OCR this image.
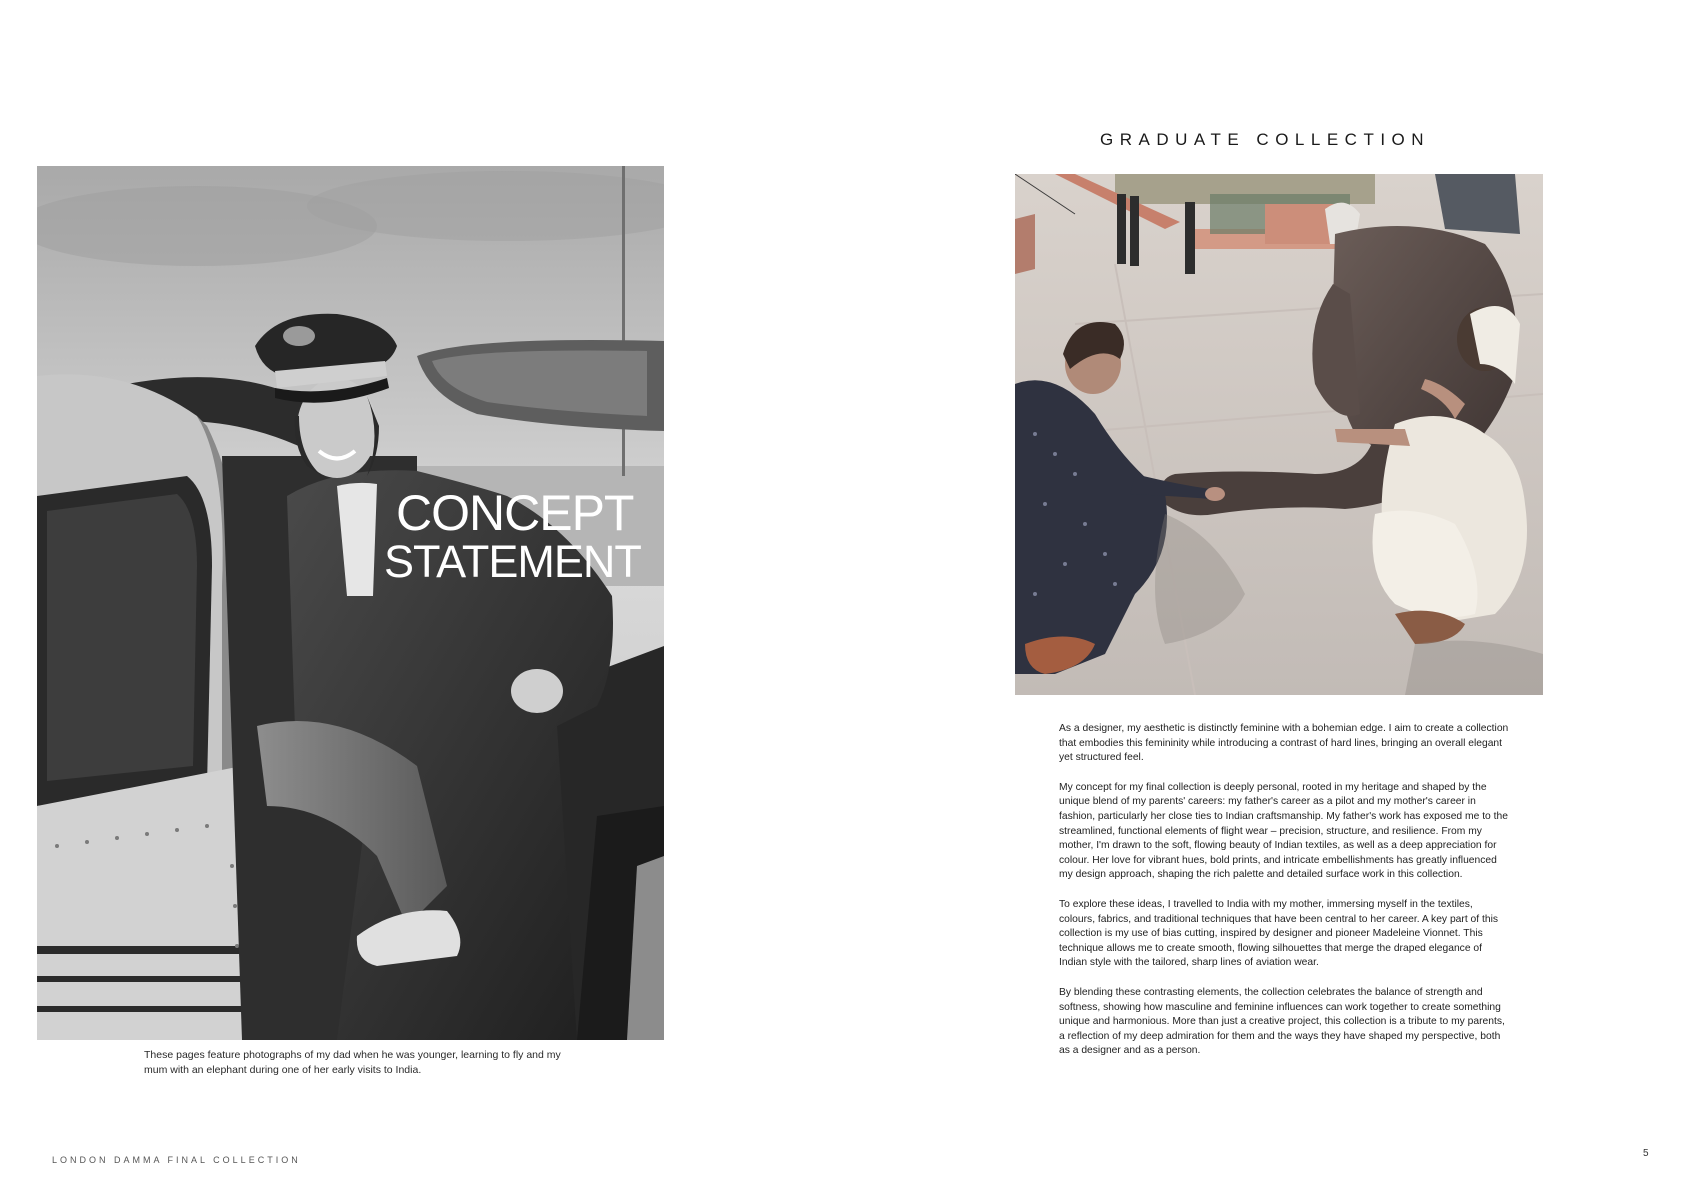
CONCEPT
STATEMENT
These pages feature photographs of my dad when he was younger, learning to fly and my mum with an elephant during one of her early visits to India.
LONDON DAMMA FINAL COLLECTION
GRADUATE COLLECTION

As a designer, my aesthetic is distinctly feminine with a bohemian edge. I aim to create a collection that embodies this femininity while introducing a contrast of hard lines, bringing an overall elegant yet structured feel.

My concept for my final collection is deeply personal, rooted in my heritage and shaped by the unique blend of my parents' careers: my father's career as a pilot and my mother's career in fashion, particularly her close ties to Indian craftsmanship. My father's work has exposed me to the streamlined, functional elements of flight wear – precision, structure, and resilience. From my mother, I'm drawn to the soft, flowing beauty of Indian textiles, as well as a deep appreciation for colour. Her love for vibrant hues, bold prints, and intricate embellishments has greatly influenced my design approach, shaping the rich palette and detailed surface work in this collection.

To explore these ideas, I travelled to India with my mother, immersing myself in the textiles, colours, fabrics, and traditional techniques that have been central to her career. A key part of this collection is my use of bias cutting, inspired by designer and pioneer Madeleine Vionnet. This technique allows me to create smooth, flowing silhouettes that merge the draped elegance of Indian style with the tailored, sharp lines of aviation wear.

By blending these contrasting elements, the collection celebrates the balance of strength and softness, showing how masculine and feminine influences can work together to create something unique and harmonious. More than just a creative project, this collection is a tribute to my parents, a reflection of my deep admiration for them and the ways they have shaped my perspective, both as a designer and as a person.

5
